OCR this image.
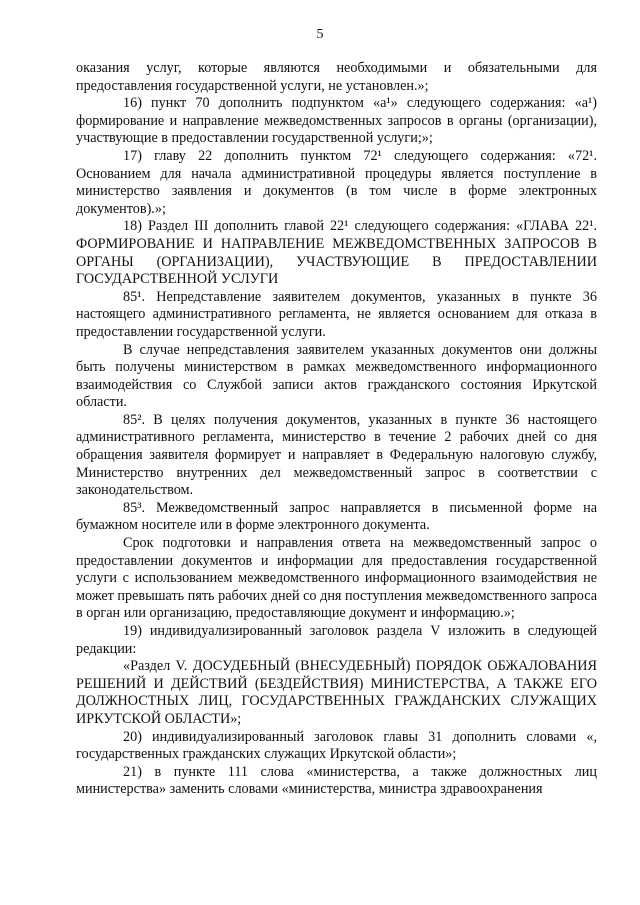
5

оказания услуг, которые являются необходимыми и обязательными для предоставления государственной услуги, не установлен.»;

16) пункт 70 дополнить подпунктом «а¹» следующего содержания: «а¹) формирование и направление межведомственных запросов в органы (организации), участвующие в предоставлении государственной услуги;»;

17) главу 22 дополнить пунктом 72¹ следующего содержания: «72¹. Основанием для начала административной процедуры является поступление в министерство заявления и документов (в том числе в форме электронных документов).»;

18) Раздел III дополнить главой 22¹ следующего содержания: «ГЛАВА 22¹. ФОРМИРОВАНИЕ И НАПРАВЛЕНИЕ МЕЖВЕДОМСТВЕННЫХ ЗАПРОСОВ В ОРГАНЫ (ОРГАНИЗАЦИИ), УЧАСТВУЮЩИЕ В ПРЕДОСТАВЛЕНИИ ГОСУДАРСТВЕННОЙ УСЛУГИ

85¹. Непредставление заявителем документов, указанных в пункте 36 настоящего административного регламента, не является основанием для отказа в предоставлении государственной услуги.

В случае непредставления заявителем указанных документов они должны быть получены министерством в рамках межведомственного информационного взаимодействия со Службой записи актов гражданского состояния Иркутской области.

85². В целях получения документов, указанных в пункте 36 настоящего административного регламента, министерство в течение 2 рабочих дней со дня обращения заявителя формирует и направляет в Федеральную налоговую службу, Министерство внутренних дел межведомственный запрос в соответствии с законодательством.

85³. Межведомственный запрос направляется в письменной форме на бумажном носителе или в форме электронного документа.

Срок подготовки и направления ответа на межведомственный запрос о предоставлении документов и информации для предоставления государственной услуги с использованием межведомственного информационного взаимодействия не может превышать пять рабочих дней со дня поступления межведомственного запроса в орган или организацию, предоставляющие документ и информацию.»;

19) индивидуализированный заголовок раздела V изложить в следующей редакции:

«Раздел V. ДОСУДЕБНЫЙ (ВНЕСУДЕБНЫЙ) ПОРЯДОК ОБЖАЛОВАНИЯ РЕШЕНИЙ И ДЕЙСТВИЙ (БЕЗДЕЙСТВИЯ) МИНИСТЕРСТВА, А ТАКЖЕ ЕГО ДОЛЖНОСТНЫХ ЛИЦ, ГОСУДАРСТВЕННЫХ ГРАЖДАНСКИХ СЛУЖАЩИХ ИРКУТСКОЙ ОБЛАСТИ»;

20) индивидуализированный заголовок главы 31 дополнить словами «, государственных гражданских служащих Иркутской области»;

21) в пункте 111 слова «министерства, а также должностных лиц министерства» заменить словами «министерства, министра здравоохранения
